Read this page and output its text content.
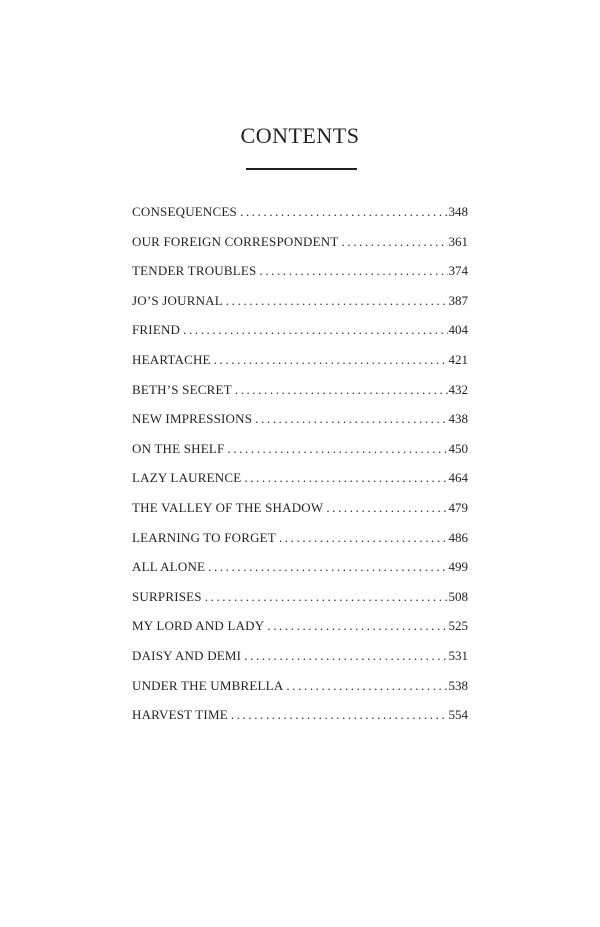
CONTENTS
CONSEQUENCES .....	348
OUR FOREIGN CORRESPONDENT .....	361
TENDER TROUBLES .....	374
JO’S JOURNAL .....	387
FRIEND .....	404
HEARTACHE .....	421
BETH’S SECRET .....	432
NEW IMPRESSIONS .....	438
ON THE SHELF .....	450
LAZY LAURENCE .....	464
THE VALLEY OF THE SHADOW .....	479
LEARNING TO FORGET .....	486
ALL ALONE .....	499
SURPRISES .....	508
MY LORD AND LADY .....	525
DAISY AND DEMI .....	531
UNDER THE UMBRELLA .....	538
HARVEST TIME .....	554
